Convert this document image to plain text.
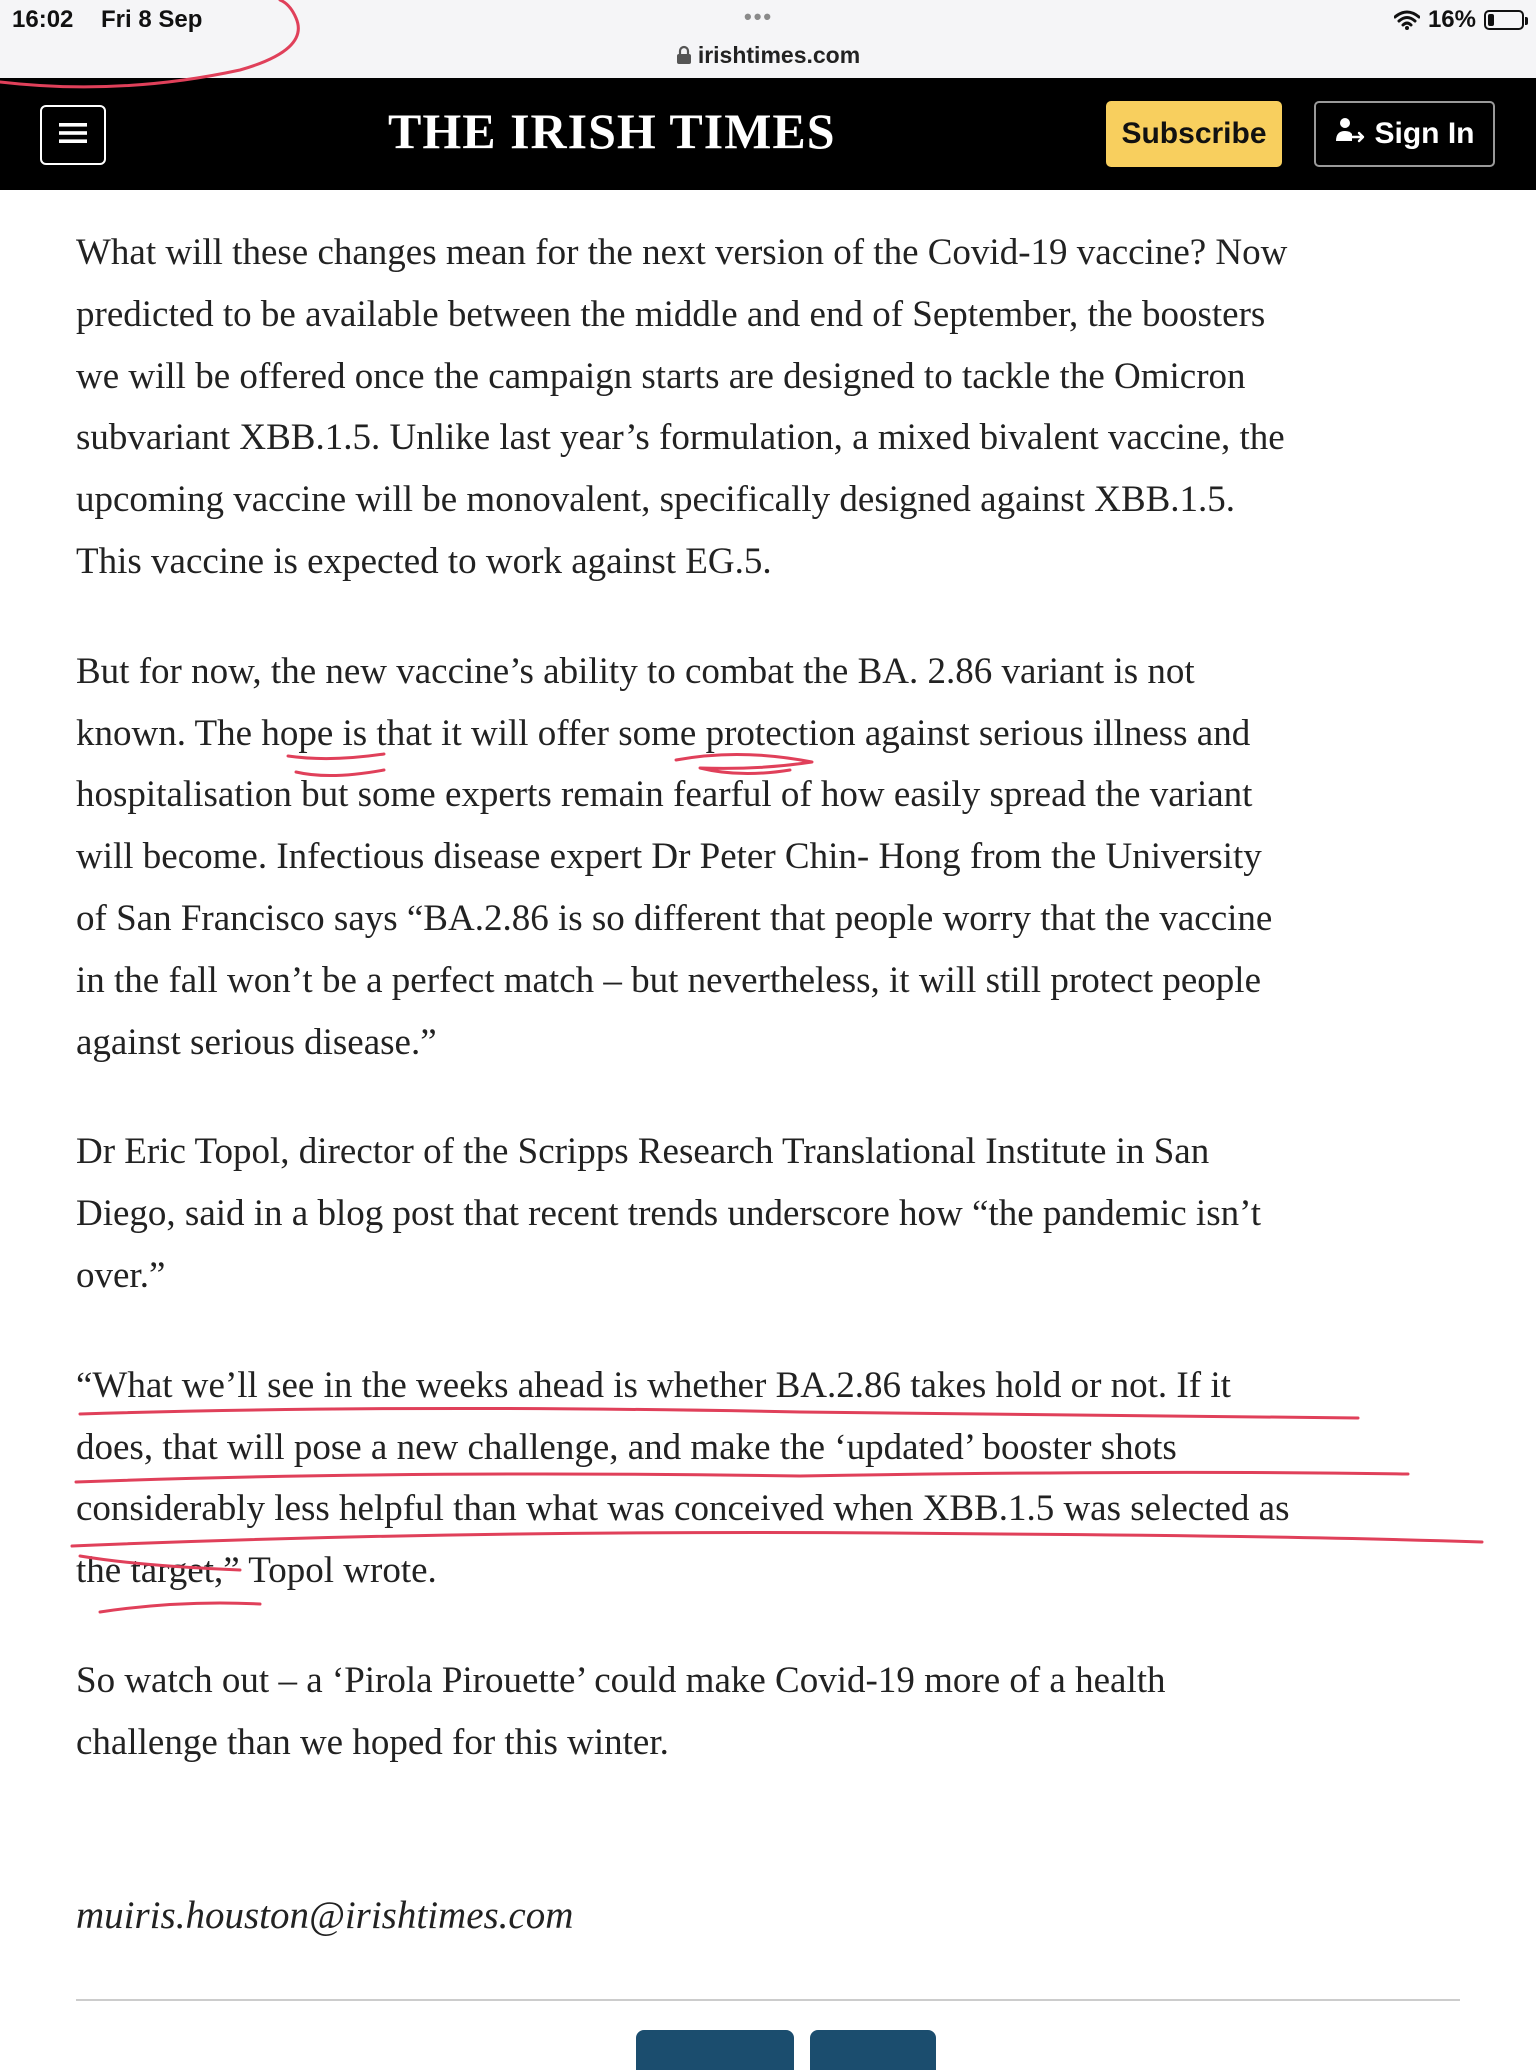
16:02 Fri 8 Sep	•••	16%
irishtimes.com
THE IRISH TIMES	Subscribe	Sign In

What will these changes mean for the next version of the Covid-19 vaccine? Now
predicted to be available between the middle and end of September, the boosters
we will be offered once the campaign starts are designed to tackle the Omicron
subvariant XBB.1.5. Unlike last year’s formulation, a mixed bivalent vaccine, the
upcoming vaccine will be monovalent, specifically designed against XBB.1.5.
This vaccine is expected to work against EG.5.

But for now, the new vaccine’s ability to combat the BA. 2.86 variant is not
known. The hope is that it will offer some protection against serious illness and
hospitalisation but some experts remain fearful of how easily spread the variant
will become. Infectious disease expert Dr Peter Chin- Hong from the University
of San Francisco says “BA.2.86 is so different that people worry that the vaccine
in the fall won’t be a perfect match – but nevertheless, it will still protect people
against serious disease.”

Dr Eric Topol, director of the Scripps Research Translational Institute in San
Diego, said in a blog post that recent trends underscore how “the pandemic isn’t
over.”

“What we’ll see in the weeks ahead is whether BA.2.86 takes hold or not. If it
does, that will pose a new challenge, and make the ‘updated’ booster shots
considerably less helpful than what was conceived when XBB.1.5 was selected as
the target,” Topol wrote.

So watch out – a ‘Pirola Pirouette’ could make Covid-19 more of a health
challenge than we hoped for this winter.

muiris.houston@irishtimes.com
